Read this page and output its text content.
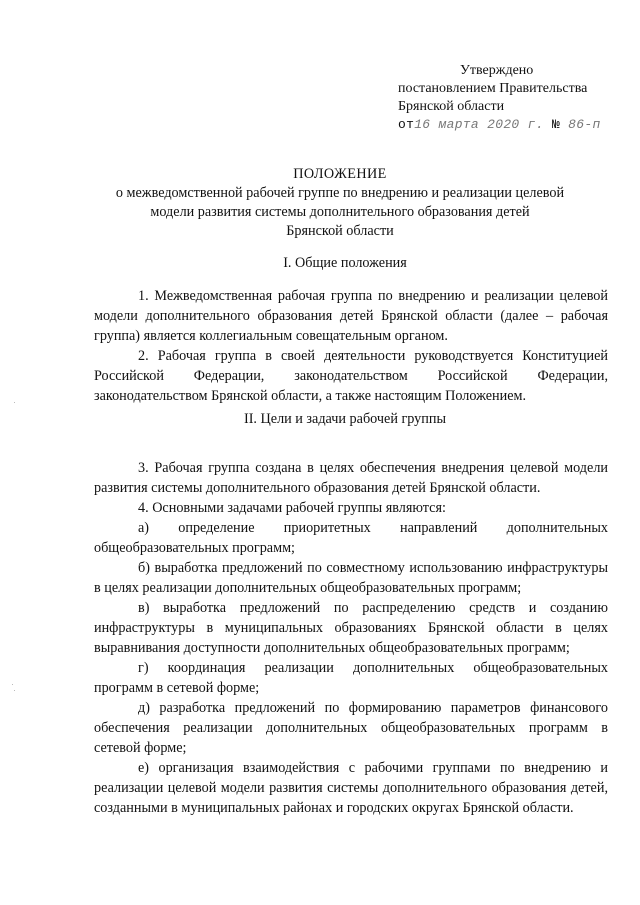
Утверждено
постановлением Правительства
Брянской области
от16 марта 2020 г. № 86-п
ПОЛОЖЕНИЕ
о межведомственной рабочей группе по внедрению и реализации целевой
модели развития системы дополнительного образования детей
Брянской области
I. Общие положения

1. Межведомственная рабочая группа по внедрению и реализации целевой модели дополнительного образования детей Брянской области (далее – рабочая группа) является коллегиальным совещательным органом.

2. Рабочая группа в своей деятельности руководствуется Конституцией Российской Федерации, законодательством Российской Федерации, законодательством Брянской области, а также настоящим Положением.

II. Цели и задачи рабочей группы

3. Рабочая группа создана в целях обеспечения внедрения целевой модели развития системы дополнительного образования детей Брянской области.

4. Основными задачами рабочей группы являются:

а) определение приоритетных направлений дополнительных общеобразовательных программ;

б) выработка предложений по совместному использованию инфраструктуры в целях реализации дополнительных общеобразовательных программ;

в) выработка предложений по распределению средств и созданию инфраструктуры в муниципальных образованиях Брянской области в целях выравнивания доступности дополнительных общеобразовательных программ;

г) координация реализации дополнительных общеобразовательных программ в сетевой форме;

д) разработка предложений по формированию параметров финансового обеспечения реализации дополнительных общеобразовательных программ в сетевой форме;

е) организация взаимодействия с рабочими группами по внедрению и реализации целевой модели развития системы дополнительного образования детей, созданными в муниципальных районах и городских округах Брянской области.
